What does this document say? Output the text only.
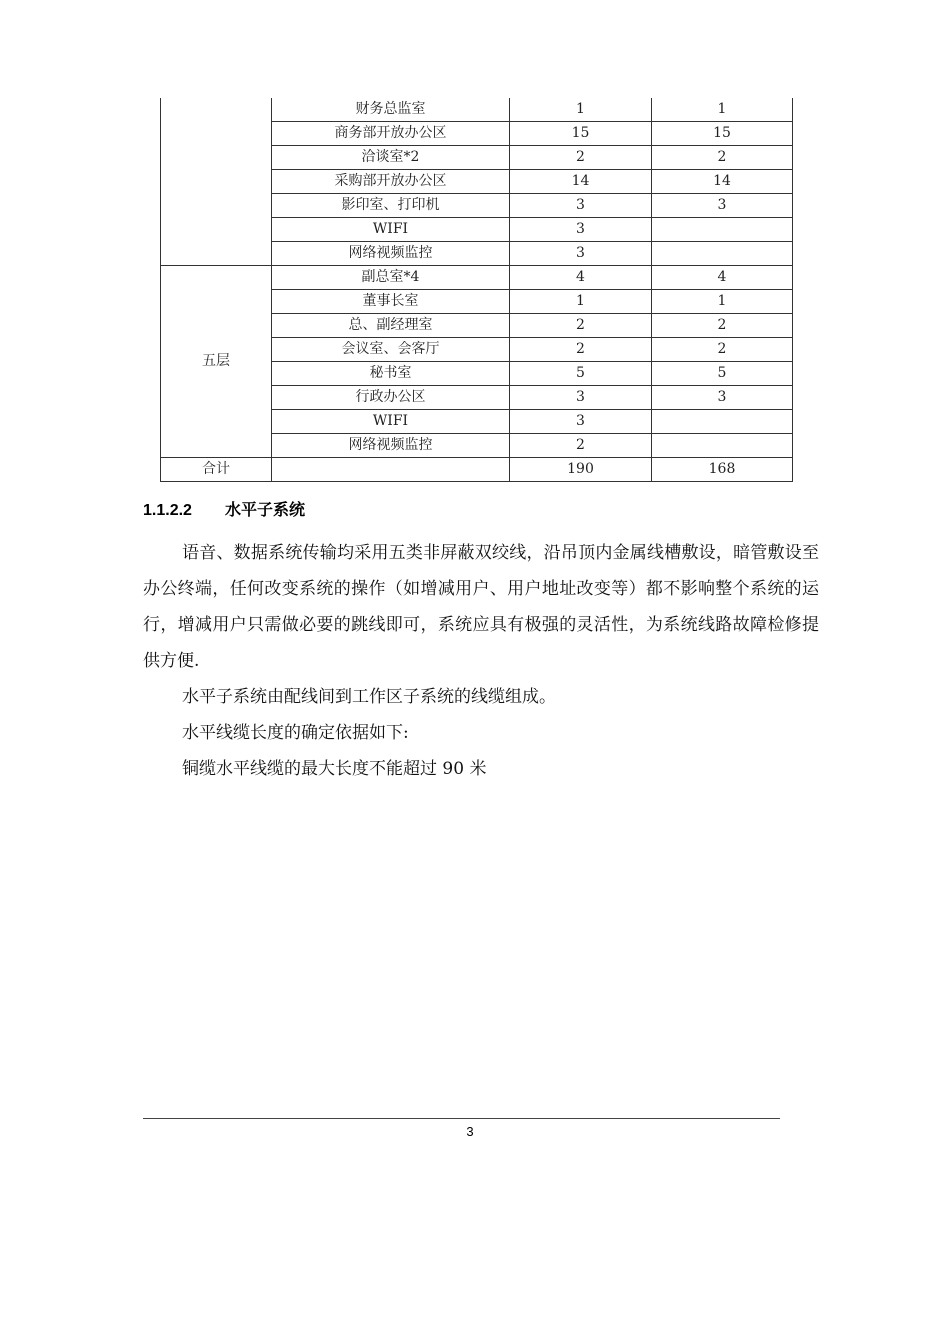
	财务总监室	1	1
	商务部开放办公区	15	15
	洽谈室*2	2	2
	采购部开放办公区	14	14
	影印室、打印机	3	3
	WIFI	3	
	网络视频监控	3	
五层	副总室*4	4	4
	董事长室	1	1
	总、副经理室	2	2
	会议室、会客厅	2	2
	秘书室	5	5
	行政办公区	3	3
	WIFI	3	
	网络视频监控	2	
合计		190	168
1.1.2.2 水平子系统

语音、数据系统传输均采用五类非屏蔽双绞线，沿吊顶内金属线槽敷设，暗管敷设至办公终端，任何改变系统的操作（如增减用户、用户地址改变等）都不影响整个系统的运行，增减用户只需做必要的跳线即可，系统应具有极强的灵活性，为系统线路故障检修提供方便.

水平子系统由配线间到工作区子系统的线缆组成。

水平线缆长度的确定依据如下:

铜缆水平线缆的最大长度不能超过 90 米

3
